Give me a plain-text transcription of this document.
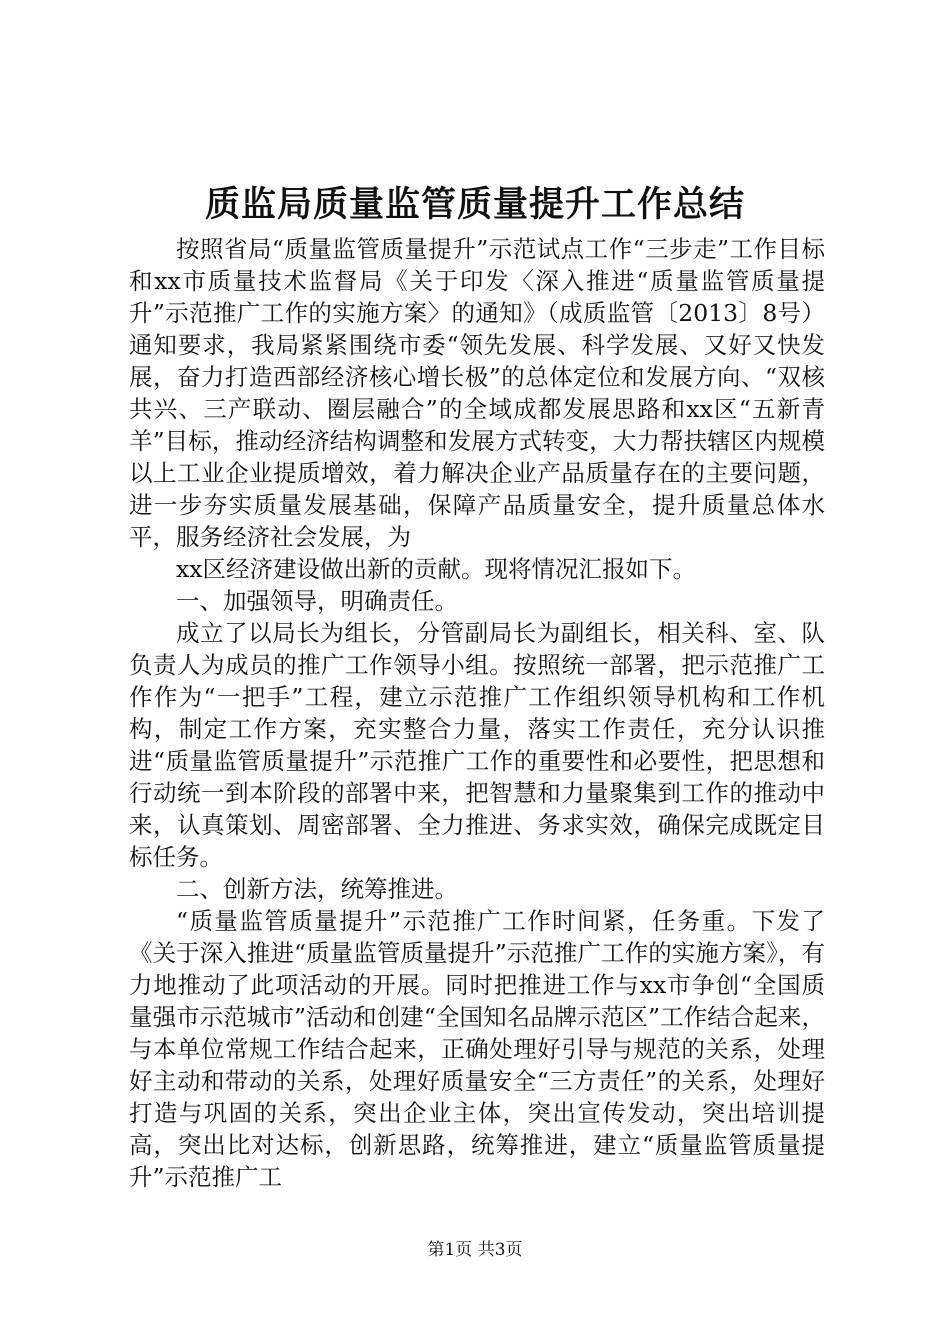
质监局质量监管质量提升工作总结

按照省局“质量监管质量提升”示范试点工作“三步走”工作目标和xx市质量技术监督局《关于印发〈深入推进“质量监管质量提升”示范推广工作的实施方案〉的通知》（成质监管〔2013〕8号）通知要求，我局紧紧围绕市委“领先发展、科学发展、又好又快发展，奋力打造西部经济核心增长极”的总体定位和发展方向、“双核共兴、三产联动、圈层融合”的全域成都发展思路和xx区“五新青羊”目标，推动经济结构调整和发展方式转变，大力帮扶辖区内规模以上工业企业提质增效，着力解决企业产品质量存在的主要问题，进一步夯实质量发展基础，保障产品质量安全，提升质量总体水平，服务经济社会发展，为

xx区经济建设做出新的贡献。现将情况汇报如下。

一、加强领导，明确责任。

成立了以局长为组长，分管副局长为副组长，相关科、室、队负责人为成员的推广工作领导小组。按照统一部署，把示范推广工作作为“一把手”工程，建立示范推广工作组织领导机构和工作机构，制定工作方案，充实整合力量，落实工作责任，充分认识推进“质量监管质量提升”示范推广工作的重要性和必要性，把思想和行动统一到本阶段的部署中来，把智慧和力量聚集到工作的推动中来，认真策划、周密部署、全力推进、务求实效，确保完成既定目标任务。

二、创新方法，统筹推进。

“质量监管质量提升”示范推广工作时间紧，任务重。下发了《关于深入推进“质量监管质量提升”示范推广工作的实施方案》，有力地推动了此项活动的开展。同时把推进工作与xx市争创“全国质量强市示范城市”活动和创建“全国知名品牌示范区”工作结合起来，与本单位常规工作结合起来，正确处理好引导与规范的关系，处理好主动和带动的关系，处理好质量安全“三方责任”的关系，处理好打造与巩固的关系，突出企业主体，突出宣传发动，突出培训提高，突出比对达标，创新思路，统筹推进，建立“质量监管质量提升”示范推广工

第1页 共3页
